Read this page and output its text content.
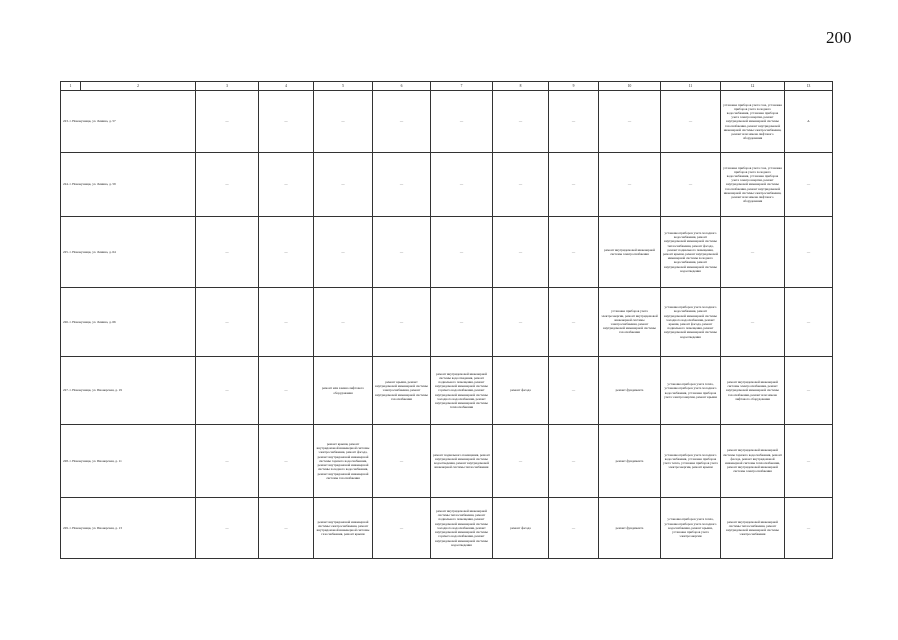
200
1	2	3	4	5	6	7	8	9	10	11	12	13
223. г. Новокузнецк, ул. Ленина, д. 57		—	—	—	—	—	—	—	—	—	установка приборов учета газа, установка приборов учета холодного водоснабжения, установка приборов учета электроэнергии, ремонт внутридомовой инженерной системы газоснабжения, ремонт внутридомовой инженерной системы электроснабжения, ремонт или замена лифтового оборудования	А
224. г. Новокузнецк, ул. Ленина, д. 59		—	—	—	—	—	—	—	—	—	установка приборов учета газа, установка приборов учета холодного водоснабжения, установка приборов учета электроэнергии, ремонт внутридомовой инженерной системы газоснабжения, ремонт внутридомовой инженерной системы электроснабжения, ремонт или замена лифтового оборудования	—
225. г. Новокузнецк, ул. Ленина, д. 64		—	—	—	—	—	—	—	ремонт внутридомовой инженерной системы электроснабжения	установка приборов учета холодного водоснабжения, ремонт внутридомовой инженерной системы теплоснабжения, ремонт фасада, ремонт подвального помещения, ремонт крыши, ремонт внутридомовой инженерной системы холодного водоснабжения, ремонт внутридомовой инженерной системы водоотведения	—	—
226. г. Новокузнецк, ул. Ленина, д. 66		—	—	—	—	—	—	—	установка приборов учета электроэнергии, ремонт внутридомовой инженерной системы электроснабжения, ремонт внутридомовой инженерной системы газоснабжения	установка приборов учета холодного водоснабжения, ремонт внутридомовой инженерной системы холодного водоснабжения, ремонт крыши, ремонт фасада, ремонт подвального помещения, ремонт внутридомовой инженерной системы водоотведения	—	—
227. г. Новокузнецк, ул. Пионерская, д. 19		—	—	ремонт или замена лифтового оборудования	ремонт крыши, ремонт внутридомовой инженерной системы электроснабжения, ремонт внутридомовой инженерной системы газоснабжения	ремонт внутридомовой инженерной системы водоотведения, ремонт подвального помещения, ремонт внутридомовой инженерной системы горячего водоснабжения, ремонт внутридомовой инженерной системы холодного водоснабжения, ремонт внутридомовой инженерной системы теплоснабжения	ремонт фасада	—	ремонт фундамента	установка приборов учета тепла, установка приборов учета холодного водоснабжения, установка приборов учета электроэнергии, ремонт крыши	ремонт внутридомовой инженерной системы электроснабжения, ремонт внутридомовой инженерной системы газоснабжения, ремонт или замена лифтового оборудования	—
228. г. Новокузнецк, ул. Пионерская, д. 11		—	—	ремонт крыши, ремонт внутридомовой инженерной системы электроснабжения, ремонт фасада, ремонт внутридомовой инженерной системы горячего водоснабжения, ремонт внутридомовой инженерной системы холодного водоснабжения, ремонт внутридомовой инженерной системы газоснабжения	—	ремонт подвального помещения, ремонт внутридомовой инженерной системы водоотведения, ремонт внутридомовой инженерной системы теплоснабжения	—	—	ремонт фундамента	установка приборов учета холодного водоснабжения, установка приборов учета тепла, установка приборов учета электроэнергии, ремонт крыши	ремонт внутридомовой инженерной системы горячего водоснабжения, ремонт фасада, ремонт внутридомовой инженерной системы теплоснабжения, ремонт внутридомовой инженерной системы электроснабжения	—
229. г. Новокузнецк, ул. Пионерская, д. 13		—	—	ремонт внутридомовой инженерной системы электроснабжения, ремонт внутридомовой инженерной системы газоснабжения, ремонт крыши	—	ремонт внутридомовой инженерной системы теплоснабжения, ремонт подвального помещения, ремонт внутридомовой инженерной системы холодного водоснабжения, ремонт внутридомовой инженерной системы горячего водоснабжения, ремонт внутридомовой инженерной системы водоотведения	ремонт фасада	—	ремонт фундамента	установка приборов учета тепла, установка приборов учета холодного водоснабжения, ремонт крыши, установка приборов учета электроэнергии	ремонт внутридомовой инженерной системы теплоснабжения, ремонт внутридомовой инженерной системы электроснабжения	—
